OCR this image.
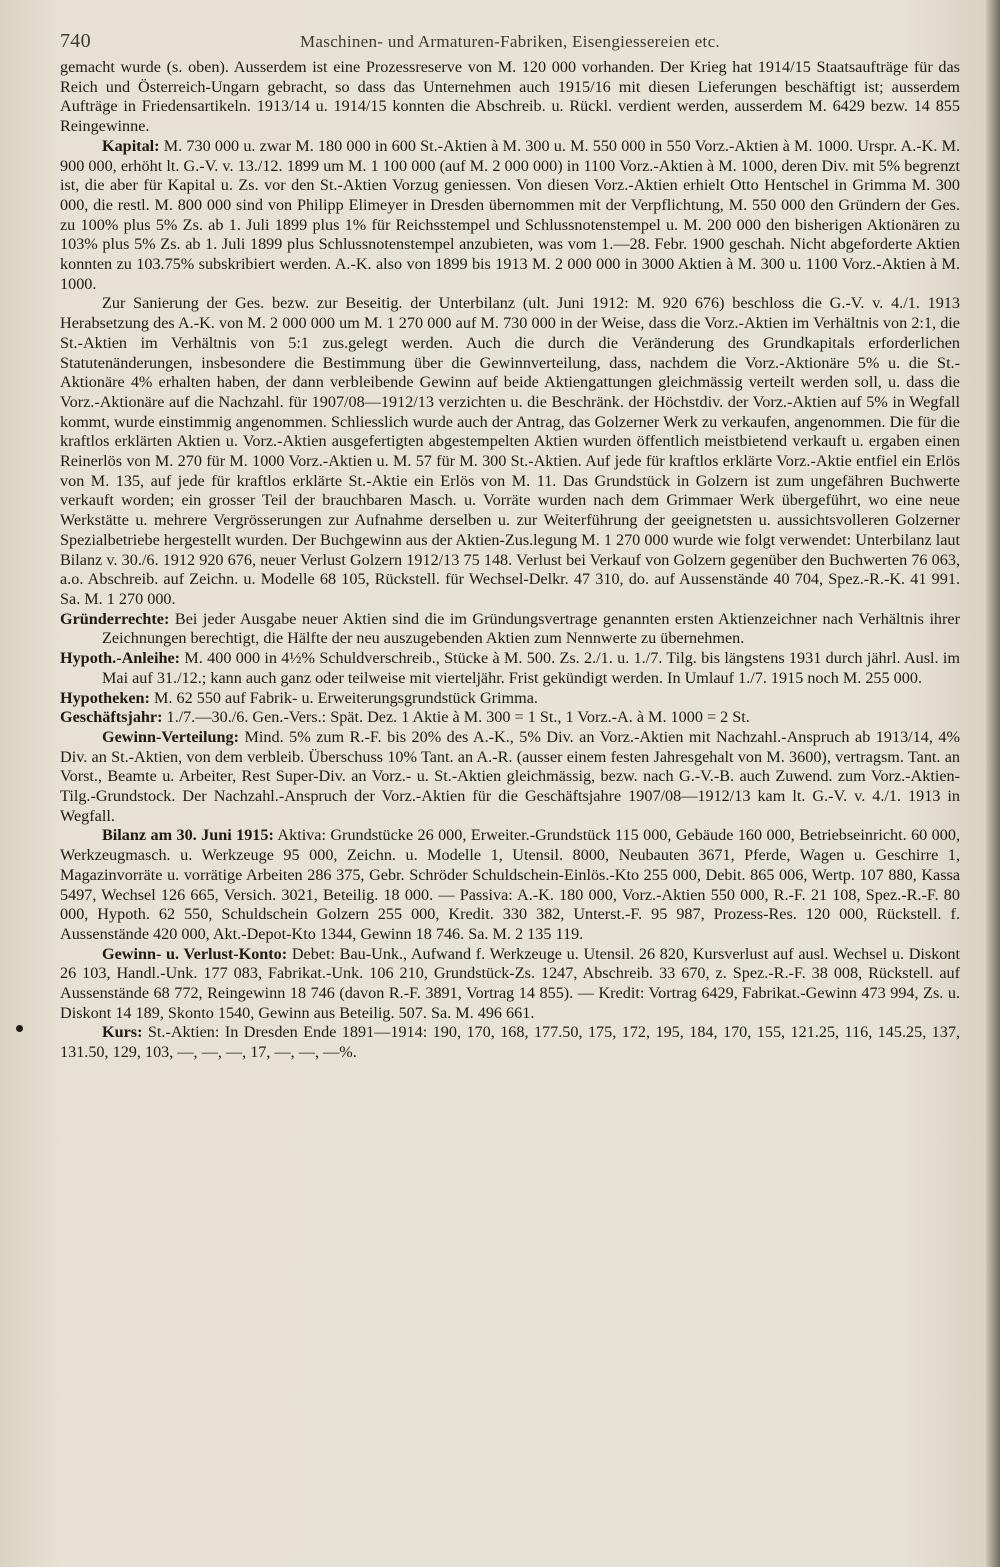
740	Maschinen- und Armaturen-Fabriken, Eisengiessereien etc.

gemacht wurde (s. oben). Ausserdem ist eine Prozessreserve von M. 120 000 vorhanden. Der Krieg hat 1914/15 Staatsaufträge für das Reich und Österreich-Ungarn gebracht, so dass das Unternehmen auch 1915/16 mit diesen Lieferungen beschäftigt ist; ausserdem Aufträge in Friedensartikeln. 1913/14 u. 1914/15 konnten die Abschreib. u. Rückl. verdient werden, ausserdem M. 6429 bezw. 14 855 Reingewinne.

Kapital: M. 730 000 u. zwar M. 180 000 in 600 St.-Aktien à M. 300 u. M. 550 000 in 550 Vorz.-Aktien à M. 1000. Urspr. A.-K. M. 900 000, erhöht lt. G.-V. v. 13./12. 1899 um M. 1 100 000 (auf M. 2 000 000) in 1100 Vorz.-Aktien à M. 1000, deren Div. mit 5% begrenzt ist, die aber für Kapital u. Zs. vor den St.-Aktien Vorzug geniessen. Von diesen Vorz.-Aktien erhielt Otto Hentschel in Grimma M. 300 000, die restl. M. 800 000 sind von Philipp Elimeyer in Dresden übernommen mit der Verpflichtung, M. 550 000 den Gründern der Ges. zu 100% plus 5% Zs. ab 1. Juli 1899 plus 1% für Reichsstempel und Schlussnotenstempel u. M. 200 000 den bisherigen Aktionären zu 103% plus 5% Zs. ab 1. Juli 1899 plus Schlussnotenstempel anzubieten, was vom 1.—28. Febr. 1900 geschah. Nicht abgeforderte Aktien konnten zu 103.75% subskribiert werden. A.-K. also von 1899 bis 1913 M. 2 000 000 in 3000 Aktien à M. 300 u. 1100 Vorz.-Aktien à M. 1000.

Zur Sanierung der Ges. bezw. zur Beseitig. der Unterbilanz (ult. Juni 1912: M. 920 676) beschloss die G.-V. v. 4./1. 1913 Herabsetzung des A.-K. von M. 2 000 000 um M. 1 270 000 auf M. 730 000 in der Weise, dass die Vorz.-Aktien im Verhältnis von 2:1, die St.-Aktien im Verhältnis von 5:1 zus.gelegt werden. Auch die durch die Veränderung des Grundkapitals erforderlichen Statutenänderungen, insbesondere die Bestimmung über die Gewinnverteilung, dass, nachdem die Vorz.-Aktionäre 5% u. die St.-Aktionäre 4% erhalten haben, der dann verbleibende Gewinn auf beide Aktiengattungen gleichmässig verteilt werden soll, u. dass die Vorz.-Aktionäre auf die Nachzahl. für 1907/08—1912/13 verzichten u. die Beschränk. der Höchstdiv. der Vorz.-Aktien auf 5% in Wegfall kommt, wurde einstimmig angenommen. Schliesslich wurde auch der Antrag, das Golzerner Werk zu verkaufen, angenommen. Die für die kraftlos erklärten Aktien u. Vorz.-Aktien ausgefertigten abgestempelten Aktien wurden öffentlich meistbietend verkauft u. ergaben einen Reinerlös von M. 270 für M. 1000 Vorz.-Aktien u. M. 57 für M. 300 St.-Aktien. Auf jede für kraftlos erklärte Vorz.-Aktie entfiel ein Erlös von M. 135, auf jede für kraftlos erklärte St.-Aktie ein Erlös von M. 11. Das Grundstück in Golzern ist zum ungefähren Buchwerte verkauft worden; ein grosser Teil der brauchbaren Masch. u. Vorräte wurden nach dem Grimmaer Werk übergeführt, wo eine neue Werkstätte u. mehrere Vergrösserungen zur Aufnahme derselben u. zur Weiterführung der geeignetsten u. aussichtsvolleren Golzerner Spezialbetriebe hergestellt wurden. Der Buchgewinn aus der Aktien-Zus.legung M. 1 270 000 wurde wie folgt verwendet: Unterbilanz laut Bilanz v. 30./6. 1912 920 676, neuer Verlust Golzern 1912/13 75 148. Verlust bei Verkauf von Golzern gegenüber den Buchwerten 76 063, a.o. Abschreib. auf Zeichn. u. Modelle 68 105, Rückstell. für Wechsel-Delkr. 47 310, do. auf Aussenstände 40 704, Spez.-R.-K. 41 991. Sa. M. 1 270 000.

Gründerrechte: Bei jeder Ausgabe neuer Aktien sind die im Gründungsvertrage genannten ersten Aktienzeichner nach Verhältnis ihrer Zeichnungen berechtigt, die Hälfte der neu auszugebenden Aktien zum Nennwerte zu übernehmen.

Hypoth.-Anleihe: M. 400 000 in 4½% Schuldverschreib., Stücke à M. 500. Zs. 2./1. u. 1./7. Tilg. bis längstens 1931 durch jährl. Ausl. im Mai auf 31./12.; kann auch ganz oder teilweise mit vierteljähr. Frist gekündigt werden. In Umlauf 1./7. 1915 noch M. 255 000.

Hypotheken: M. 62 550 auf Fabrik- u. Erweiterungsgrundstück Grimma.

Geschäftsjahr: 1./7.—30./6. Gen.-Vers.: Spät. Dez. 1 Aktie à M. 300 = 1 St., 1 Vorz.-A. à M. 1000 = 2 St.

Gewinn-Verteilung: Mind. 5% zum R.-F. bis 20% des A.-K., 5% Div. an Vorz.-Aktien mit Nachzahl.-Anspruch ab 1913/14, 4% Div. an St.-Aktien, von dem verbleib. Überschuss 10% Tant. an A.-R. (ausser einem festen Jahresgehalt von M. 3600), vertragsm. Tant. an Vorst., Beamte u. Arbeiter, Rest Super-Div. an Vorz.- u. St.-Aktien gleichmässig, bezw. nach G.-V.-B. auch Zuwend. zum Vorz.-Aktien-Tilg.-Grundstock. Der Nachzahl.-Anspruch der Vorz.-Aktien für die Geschäftsjahre 1907/08—1912/13 kam lt. G.-V. v. 4./1. 1913 in Wegfall.

Bilanz am 30. Juni 1915: Aktiva: Grundstücke 26 000, Erweiter.-Grundstück 115 000, Gebäude 160 000, Betriebseinricht. 60 000, Werkzeugmasch. u. Werkzeuge 95 000, Zeichn. u. Modelle 1, Utensil. 8000, Neubauten 3671, Pferde, Wagen u. Geschirre 1, Magazinvorräte u. vorrätige Arbeiten 286 375, Gebr. Schröder Schuldschein-Einlös.-Kto 255 000, Debit. 865 006, Wertp. 107 880, Kassa 5497, Wechsel 126 665, Versich. 3021, Beteilig. 18 000. — Passiva: A.-K. 180 000, Vorz.-Aktien 550 000, R.-F. 21 108, Spez.-R.-F. 80 000, Hypoth. 62 550, Schuldschein Golzern 255 000, Kredit. 330 382, Unterst.-F. 95 987, Prozess-Res. 120 000, Rückstell. f. Aussenstände 420 000, Akt.-Depot-Kto 1344, Gewinn 18 746. Sa. M. 2 135 119.

Gewinn- u. Verlust-Konto: Debet: Bau-Unk., Aufwand f. Werkzeuge u. Utensil. 26 820, Kursverlust auf ausl. Wechsel u. Diskont 26 103, Handl.-Unk. 177 083, Fabrikat.-Unk. 106 210, Grundstück-Zs. 1247, Abschreib. 33 670, z. Spez.-R.-F. 38 008, Rückstell. auf Aussenstände 68 772, Reingewinn 18 746 (davon R.-F. 3891, Vortrag 14 855). — Kredit: Vortrag 6429, Fabrikat.-Gewinn 473 994, Zs. u. Diskont 14 189, Skonto 1540, Gewinn aus Beteilig. 507. Sa. M. 496 661.

Kurs: St.-Aktien: In Dresden Ende 1891—1914: 190, 170, 168, 177.50, 175, 172, 195, 184, 170, 155, 121.25, 116, 145.25, 137, 131.50, 129, 103, —, —, —, 17, —, —, —%.
